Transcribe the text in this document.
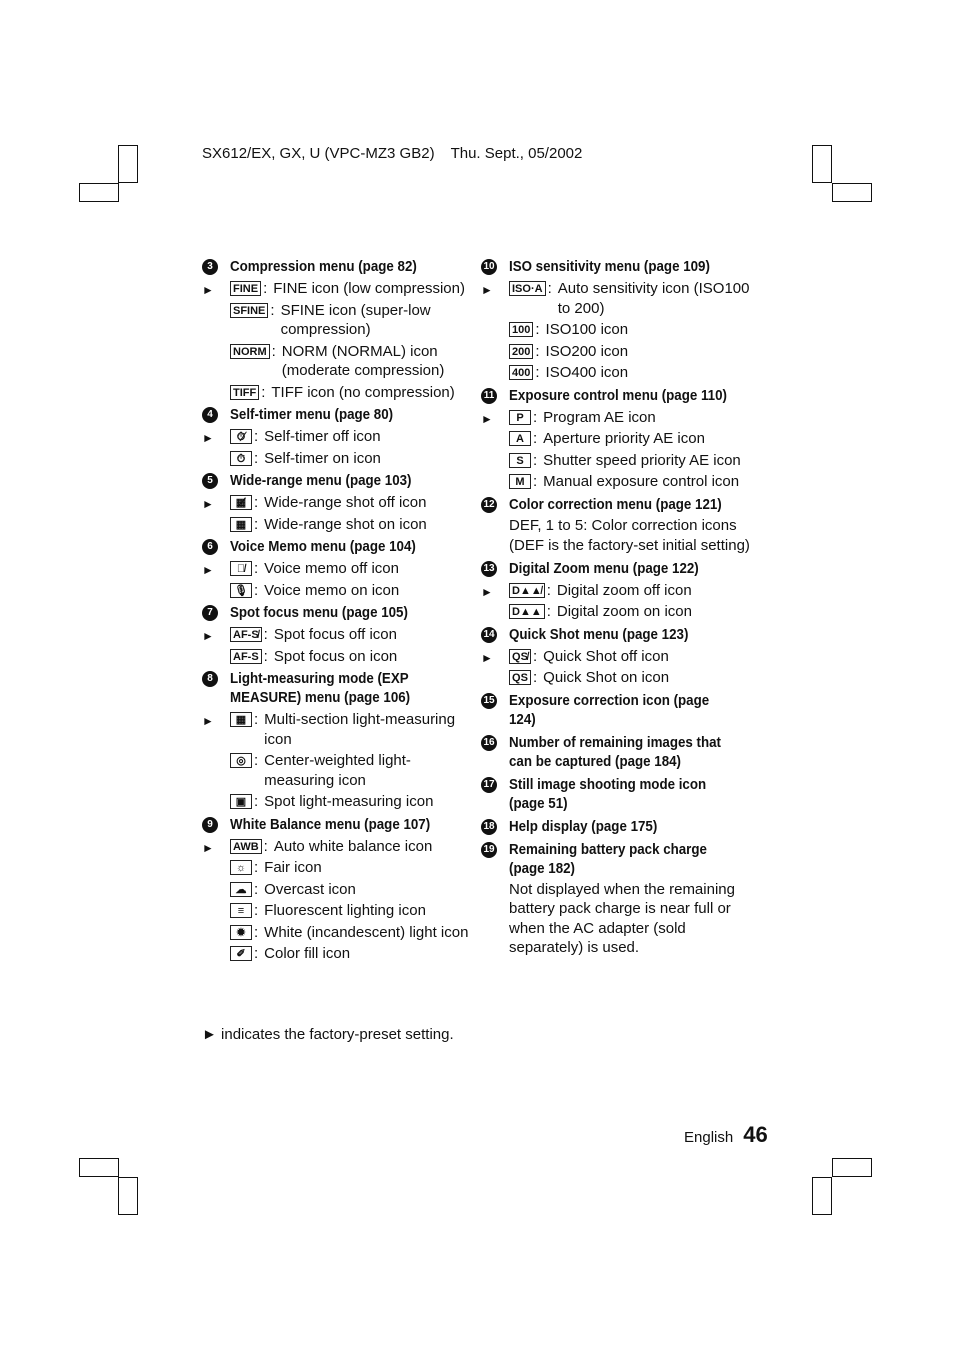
SX612/EX, GX, U (VPC-MZ3 GB2) Thu. Sept., 05/2002
3	Compression menu (page 82)
► FINE : FINE icon (low compression)
SFINE : SFINE icon (super-low compression)
NORM : NORM (NORMAL) icon (moderate compression)
TIFF : TIFF icon (no compression)
4	Self-timer menu (page 80)
►	⏱̸ : Self-timer off icon
⏱ : Self-timer on icon
5	Wide-range menu (page 103)
►	▦̸ : Wide-range shot off icon
▦ : Wide-range shot on icon
6	Voice Memo menu (page 104)
►	🎙̸ : Voice memo off icon
🎙 : Voice memo on icon
7	Spot focus menu (page 105)
► AF-S̸ : Spot focus off icon
AF-S : Spot focus on icon
8	Light-measuring mode (EXP MEASURE) menu (page 106)
►	▦ : Multi-section light-measuring icon
◎ : Center-weighted light-measuring icon
▣ : Spot light-measuring icon
9	White Balance menu (page 107)
► AWB : Auto white balance icon
☼ : Fair icon
☁ : Overcast icon
≡ : Fluorescent lighting icon
✹ : White (incandescent) light icon
✐ : Color fill icon
10 ISO sensitivity menu (page 109)
► ISO·A : Auto sensitivity icon (ISO100 to 200)
100 : ISO100 icon
200 : ISO200 icon
400 : ISO400 icon
11 Exposure control menu (page 110)
►	P : Program AE icon
A : Aperture priority AE icon
S : Shutter speed priority AE icon
M : Manual exposure control icon
12 Color correction menu (page 121)
DEF, 1 to 5: Color correction icons
(DEF is the factory-set initial setting)
13 Digital Zoom menu (page 122)
► D▲▲̸ : Digital zoom off icon
D▲▲ : Digital zoom on icon
14 Quick Shot menu (page 123)
► QS̸ : Quick Shot off icon
QS : Quick Shot on icon
15 Exposure correction icon (page 124)
16 Number of remaining images that can be captured (page 184)
17 Still image shooting mode icon (page 51)
18 Help display (page 175)
19 Remaining battery pack charge (page 182)
Not displayed when the remaining battery pack charge is near full or when the AC adapter (sold separately) is used.
► indicates the factory-preset setting.
English 46
